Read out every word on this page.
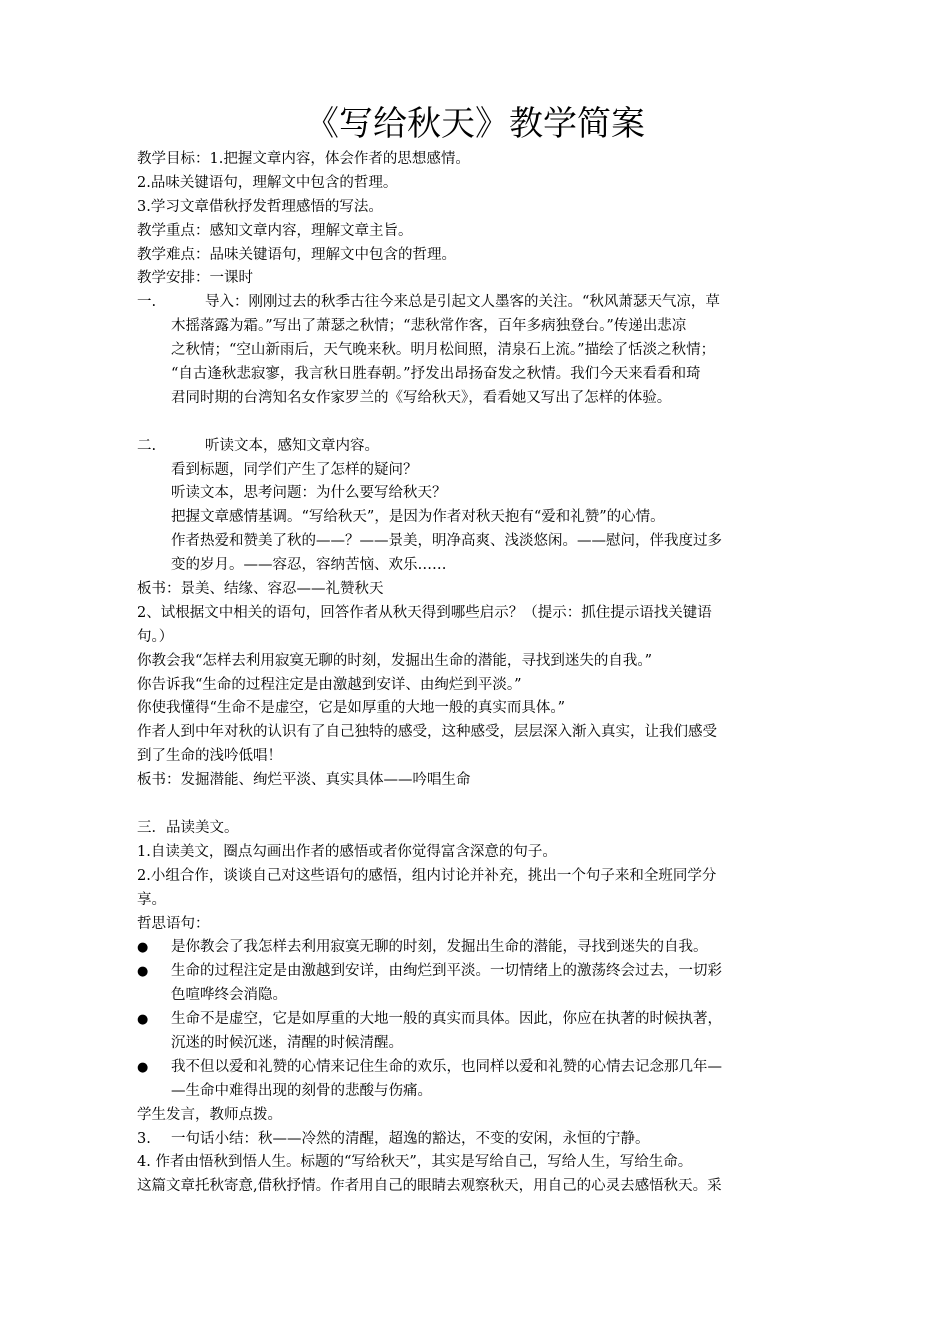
《写给秋天》教学简案
教学目标：1.把握文章内容，体会作者的思想感情。
2.品味关键语句，理解文中包含的哲理。
3.学习文章借秋抒发哲理感悟的写法。
教学重点：感知文章内容，理解文章主旨。
教学难点：品味关键语句，理解文中包含的哲理。
教学安排：一课时
一.	导入：刚刚过去的秋季古往今来总是引起文人墨客的关注。“秋风萧瑟天气凉，草
木摇落露为霜。”写出了萧瑟之秋情；“悲秋常作客，百年多病独登台。”传递出悲凉
之秋情；“空山新雨后，天气晚来秋。明月松间照，清泉石上流。”描绘了恬淡之秋情；
“自古逢秋悲寂寥，我言秋日胜春朝。”抒发出昂扬奋发之秋情。我们今天来看看和琦
君同时期的台湾知名女作家罗兰的《写给秋天》，看看她又写出了怎样的体验。
二.	听读文本，感知文章内容。
看到标题，同学们产生了怎样的疑问？
听读文本，思考问题：为什么要写给秋天？
把握文章感情基调。“写给秋天”，是因为作者对秋天抱有“爱和礼赞”的心情。
作者热爱和赞美了秋的——？——景美，明净高爽、浅淡悠闲。——慰问，伴我度过多
变的岁月。——容忍，容纳苦恼、欢乐……
板书：景美、结缘、容忍——礼赞秋天
2、试根据文中相关的语句，回答作者从秋天得到哪些启示？（提示：抓住提示语找关键语
句。）
你教会我“怎样去利用寂寞无聊的时刻，发掘出生命的潜能，寻找到迷失的自我。”
你告诉我“生命的过程注定是由激越到安详、由绚烂到平淡。”
你使我懂得“生命不是虚空，它是如厚重的大地一般的真实而具体。”
作者人到中年对秋的认识有了自己独特的感受，这种感受，层层深入渐入真实，让我们感受
到了生命的浅吟低唱！
板书：发掘潜能、绚烂平淡、真实具体——吟唱生命
三．品读美文。
1.自读美文，圈点勾画出作者的感悟或者你觉得富含深意的句子。
2.小组合作，谈谈自己对这些语句的感悟，组内讨论并补充，挑出一个句子来和全班同学分
享。
哲思语句：
●	是你教会了我怎样去利用寂寞无聊的时刻，发掘出生命的潜能，寻找到迷失的自我。
●	生命的过程注定是由激越到安详，由绚烂到平淡。一切情绪上的激荡终会过去，一切彩
色喧哗终会消隐。
●	生命不是虚空，它是如厚重的大地一般的真实而具体。因此，你应在执著的时候执著，
沉迷的时候沉迷，清醒的时候清醒。
●	我不但以爱和礼赞的心情来记住生命的欢乐，也同样以爱和礼赞的心情去记念那几年—
—生命中难得出现的刻骨的悲酸与伤痛。
学生发言，教师点拨。
3.	一句话小结：秋——冷然的清醒，超逸的豁达，不变的安闲，永恒的宁静。
4. 作者由悟秋到悟人生。标题的“写给秋天”，其实是写给自己，写给人生，写给生命。
这篇文章托秋寄意,借秋抒情。作者用自己的眼睛去观察秋天，用自己的心灵去感悟秋天。采
